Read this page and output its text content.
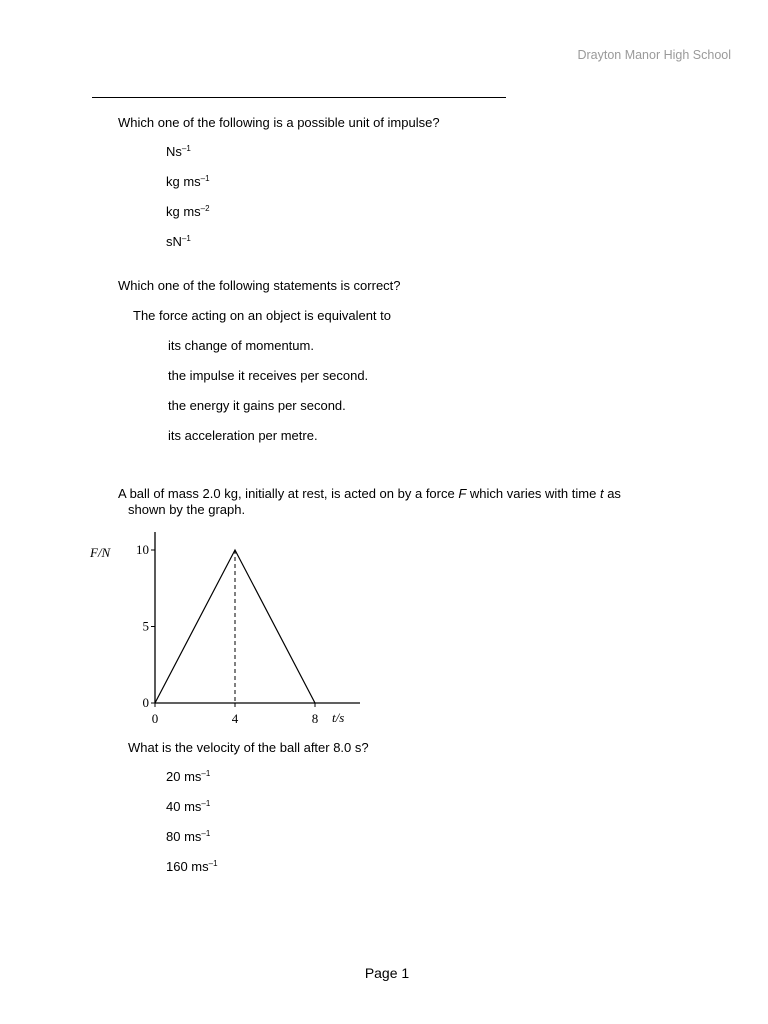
Drayton Manor High School
Which one of the following is a possible unit of impulse?
$Ns^{-1}$
kg $ms^{-1}$
kg $ms^{-2}$
$sN^{-1}$
Which one of the following statements is correct?
The force acting on an object is equivalent to
its change of momentum.
the impulse it receives per second.
the energy it gains per second.
its acceleration per metre.
A ball of mass 2.0 kg, initially at rest, is acted on by a force F which varies with time t as
shown by the graph.
F/N
0
5
10
0	4	8 t/s
What is the velocity of the ball after 8.0 s?
20 $ms^{-1}$
40 $ms^{-1}$
80 $ms^{-1}$
160 $ms^{-1}$
Page 1
